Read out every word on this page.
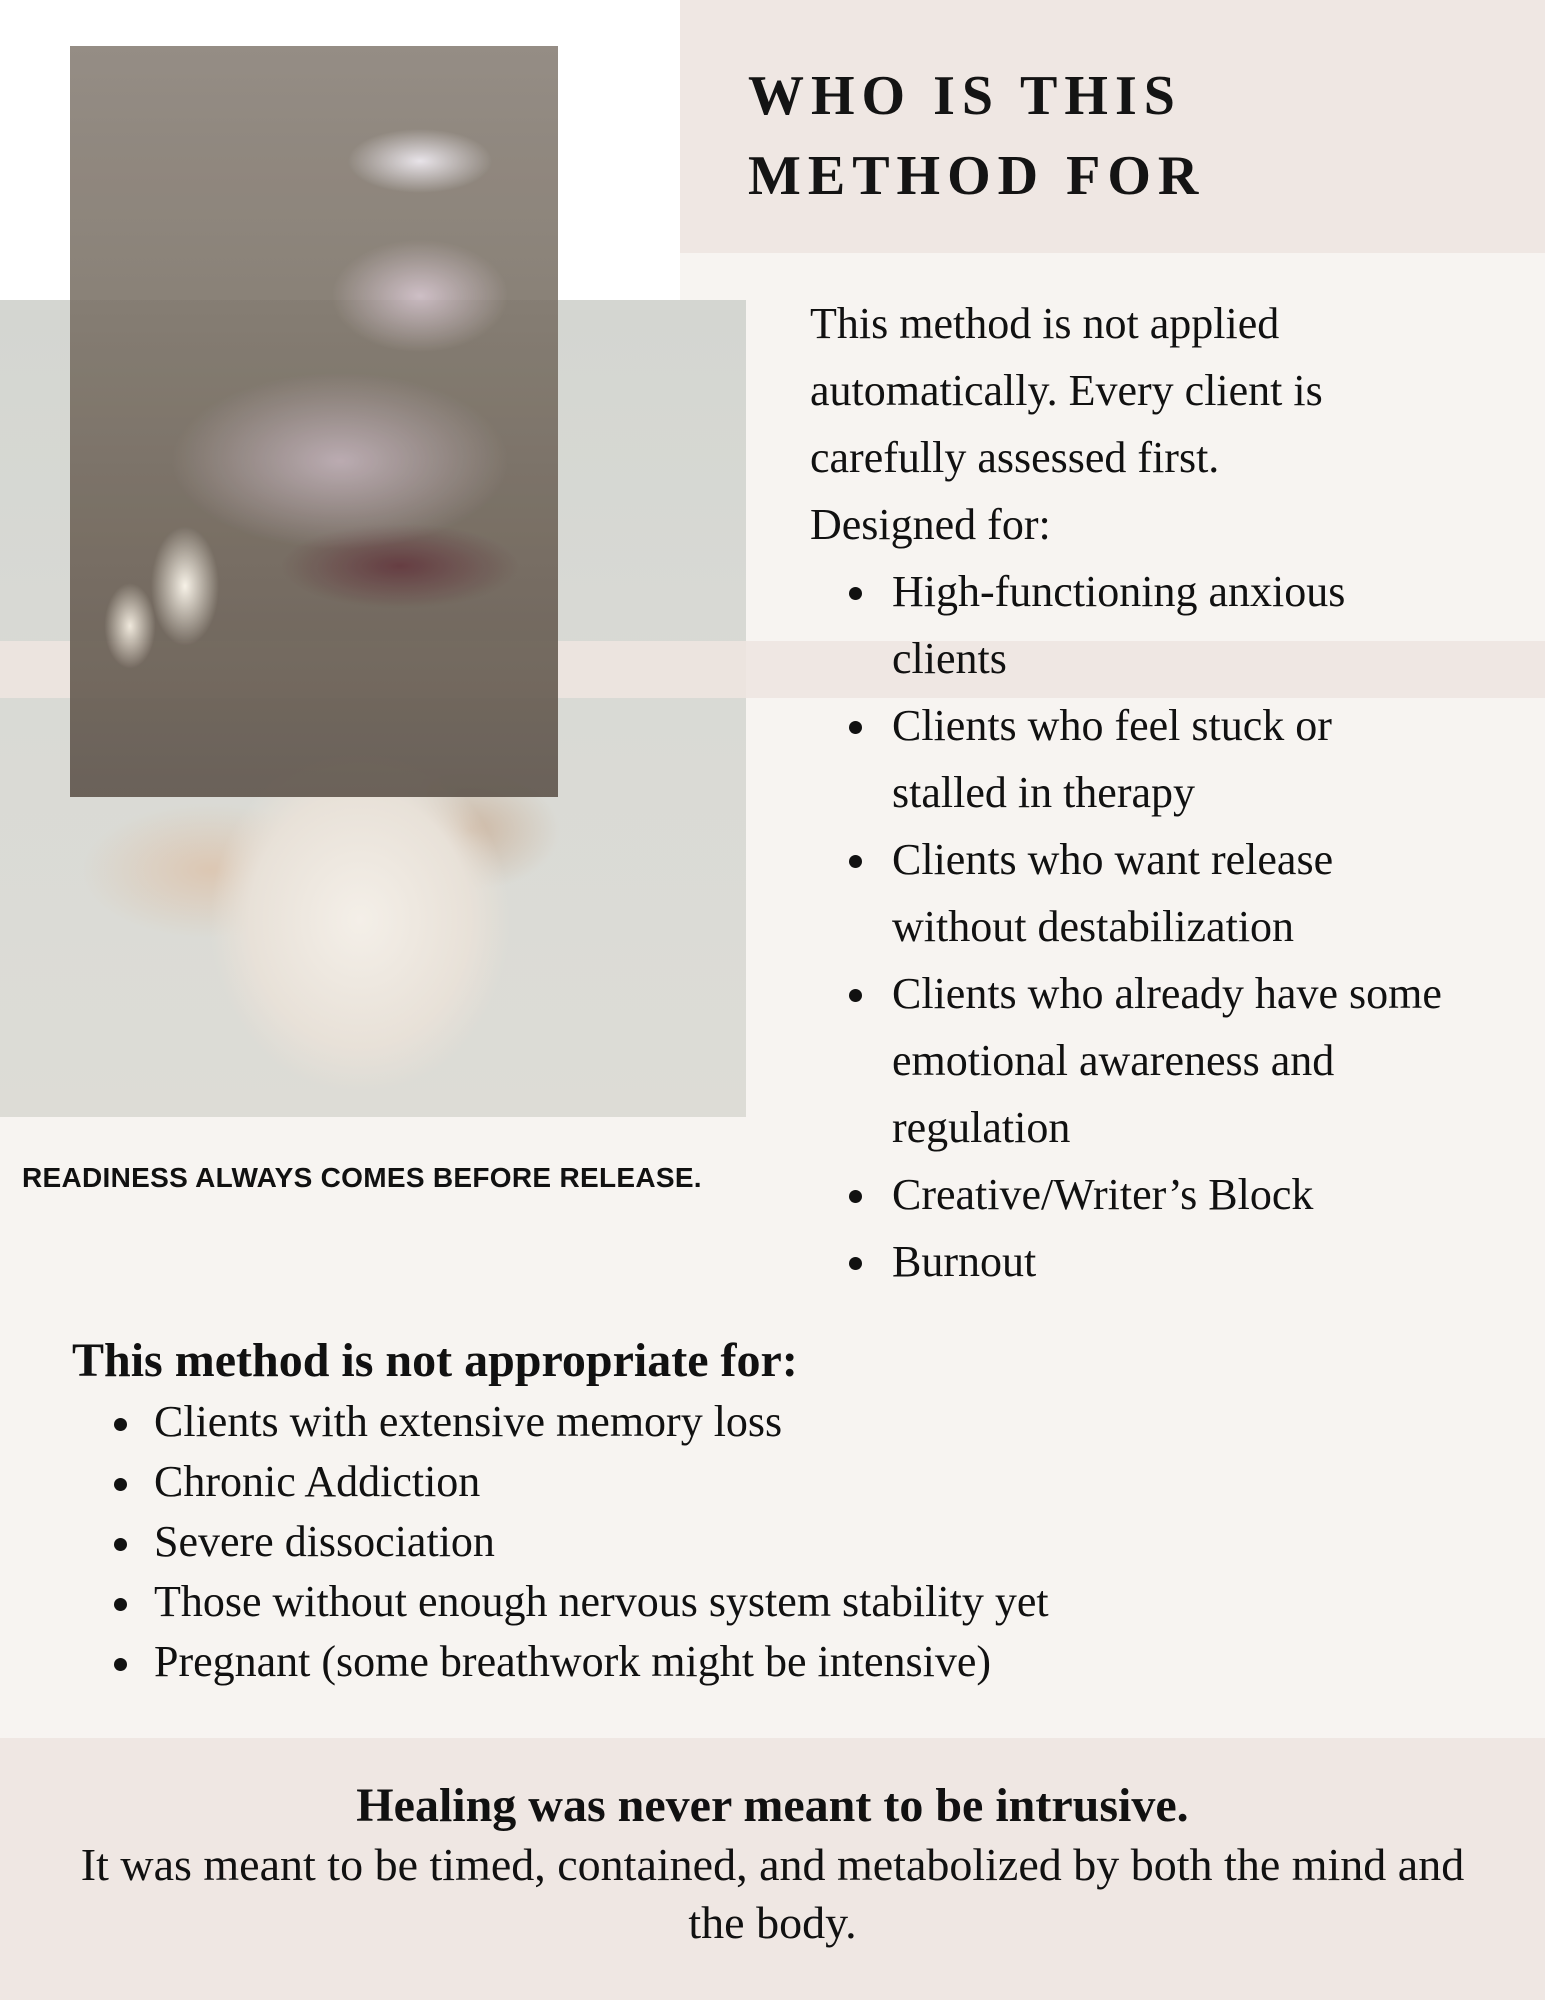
WHO IS THIS
METHOD FOR

READINESS ALWAYS COMES BEFORE RELEASE.

This method is not applied automatically. Every client is carefully assessed first.

Designed for:

High-functioning anxious clients
Clients who feel stuck or stalled in therapy
Clients who want release without destabilization
Clients who already have some emotional awareness and regulation
Creative/Writer’s Block
Burnout
This method is not appropriate for:
Clients with extensive memory loss
Chronic Addiction
Severe dissociation
Those without enough nervous system stability yet
Pregnant (some breathwork might be intensive)

Healing was never meant to be intrusive.

It was meant to be timed, contained, and metabolized by both the mind and the body.
